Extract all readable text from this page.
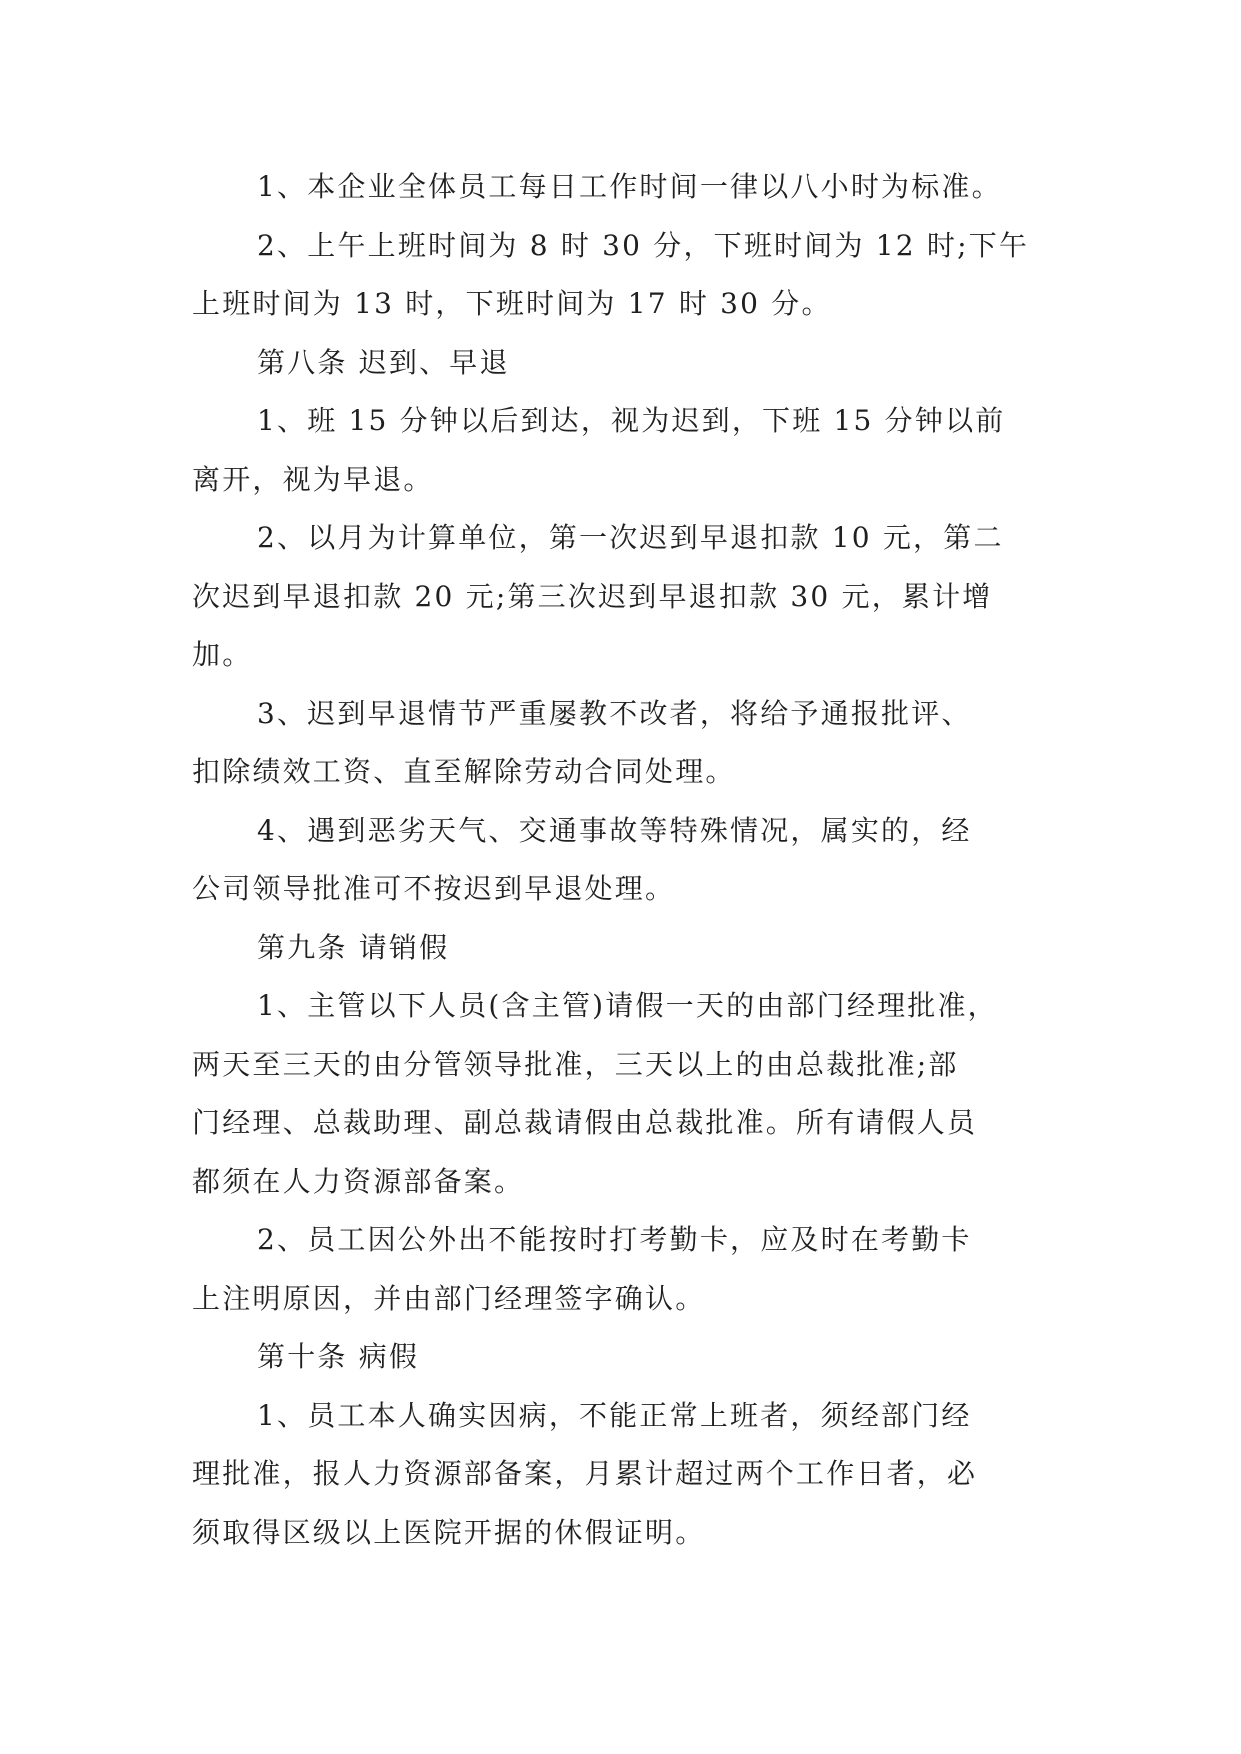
1、本企业全体员工每日工作时间一律以八小时为标准。

2、上午上班时间为 8 时 30 分，下班时间为 12 时;下午
上班时间为 13 时，下班时间为 17 时 30 分。

第八条 迟到、早退

1、班 15 分钟以后到达，视为迟到，下班 15 分钟以前
离开，视为早退。

2、以月为计算单位，第一次迟到早退扣款 10 元，第二
次迟到早退扣款 20 元;第三次迟到早退扣款 30 元，累计增
加。

3、迟到早退情节严重屡教不改者，将给予通报批评、
扣除绩效工资、直至解除劳动合同处理。

4、遇到恶劣天气、交通事故等特殊情况，属实的，经
公司领导批准可不按迟到早退处理。

第九条 请销假

1、主管以下人员(含主管)请假一天的由部门经理批准，
两天至三天的由分管领导批准，三天以上的由总裁批准;部
门经理、总裁助理、副总裁请假由总裁批准。所有请假人员
都须在人力资源部备案。

2、员工因公外出不能按时打考勤卡，应及时在考勤卡
上注明原因，并由部门经理签字确认。

第十条 病假

1、员工本人确实因病，不能正常上班者，须经部门经
理批准，报人力资源部备案，月累计超过两个工作日者，必
须取得区级以上医院开据的休假证明。
